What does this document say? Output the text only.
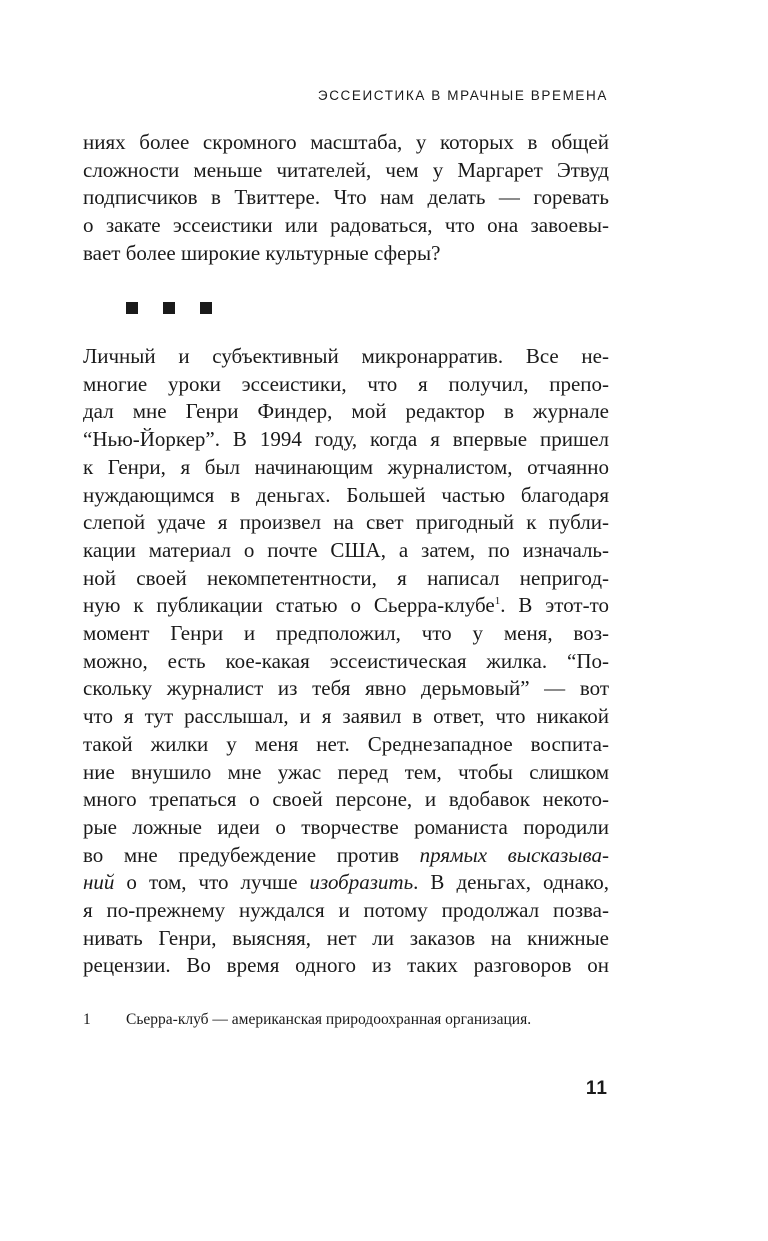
ЭССЕИСТИКА В МРАЧНЫЕ ВРЕМЕНА
ниях более скромного масштаба, у которых в общей
сложности меньше читателей, чем у Маргарет Этвуд
подписчиков в Твиттере. Что нам делать — горевать
о закате эссеистики или радоваться, что она завоевы-
вает более широкие культурные сферы?
Личный и субъективный микронарратив. Все не-
многие уроки эссеистики, что я получил, препо-
дал мне Генри Финдер, мой редактор в журнале
“Нью-Йоркер”. В 1994 году, когда я впервые пришел
к Генри, я был начинающим журналистом, отчаянно
нуждающимся в деньгах. Большей частью благодаря
слепой удаче я произвел на свет пригодный к публи-
кации материал о почте США, а затем, по изначаль-
ной своей некомпетентности, я написал непригод-
ную к публикации статью о Сьерра-клубе$^1$. В этот-то
момент Генри и предположил, что у меня, воз-
можно, есть кое-какая эссеистическая жилка. “По-
скольку журналист из тебя явно дерьмовый” — вот
что я тут расслышал, и я заявил в ответ, что никакой
такой жилки у меня нет. Среднезападное воспита-
ние внушило мне ужас перед тем, чтобы слишком
много трепаться о своей персоне, и вдобавок некото-
рые ложные идеи о творчестве романиста породили
во мне предубеждение против прямых высказыва-
ний о том, что лучше изобразить. В деньгах, однако,
я по-прежнему нуждался и потому продолжал позва-
нивать Генри, выясняя, нет ли заказов на книжные
рецензии. Во время одного из таких разговоров он
1 Сьерра-клуб — американская природоохранная организация.
11
